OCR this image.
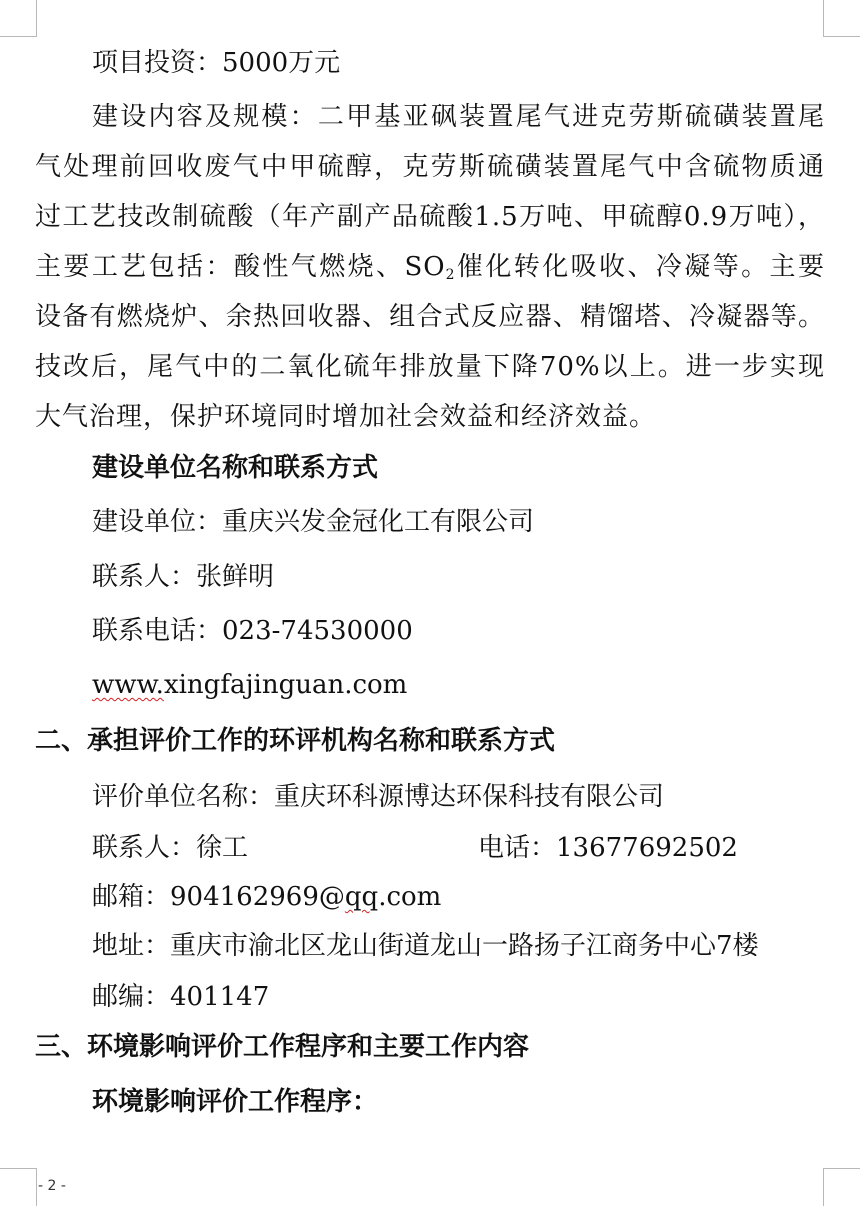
项目投资：5000万元
建设内容及规模：二甲基亚砜装置尾气进克劳斯硫磺装置尾
气处理前回收废气中甲硫醇，克劳斯硫磺装置尾气中含硫物质通
过工艺技改制硫酸（年产副产品硫酸1.5万吨、甲硫醇0.9万吨），
主要工艺包括：酸性气燃烧、$SO_2$催化转化吸收、冷凝等。主要
设备有燃烧炉、余热回收器、组合式反应器、精馏塔、冷凝器等。
技改后，尾气中的二氧化硫年排放量下降70%以上。进一步实现
大气治理，保护环境同时增加社会效益和经济效益。
建设单位名称和联系方式
建设单位：重庆兴发金冠化工有限公司
联系人：张鲜明
联系电话：023-74530000
www.xingfajinguan.com
二、承担评价工作的环评机构名称和联系方式
评价单位名称：重庆环科源博达环保科技有限公司
联系人：徐工	电话：13677692502
邮箱：904162969@qq.com
地址：重庆市渝北区龙山街道龙山一路扬子江商务中心7楼
邮编：401147
三、环境影响评价工作程序和主要工作内容
环境影响评价工作程序：
- 2 -
